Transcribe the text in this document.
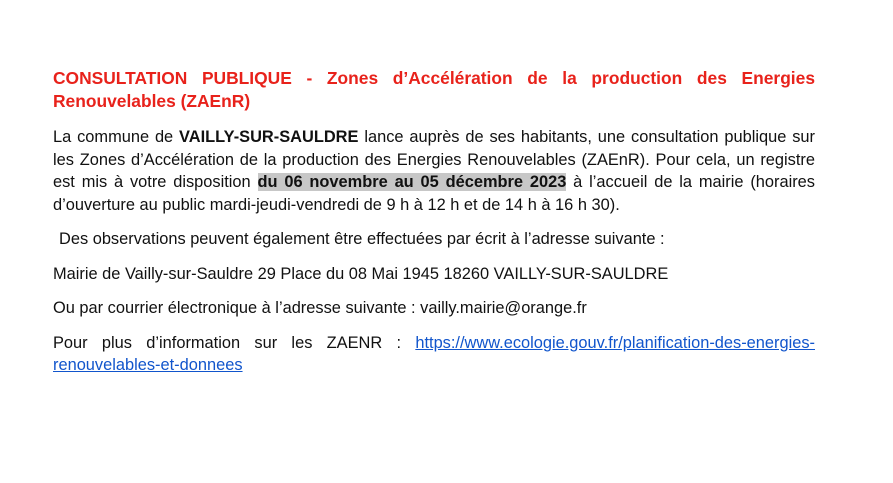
CONSULTATION PUBLIQUE - Zones d’Accélération de la production des Energies Renouvelables (ZAEnR)

La commune de VAILLY-SUR-SAULDRE lance auprès de ses habitants, une consultation publique sur les Zones d’Accélération de la production des Energies Renouvelables (ZAEnR). Pour cela, un registre est mis à votre disposition du 06 novembre au 05 décembre 2023 à l’accueil de la mairie (horaires d’ouverture au public mardi-jeudi-vendredi de 9 h à 12 h et de 14 h à 16 h 30).

Des observations peuvent également être effectuées par écrit à l’adresse suivante :

Mairie de Vailly-sur-Sauldre 29 Place du 08 Mai 1945 18260 VAILLY-SUR-SAULDRE

Ou par courrier électronique à l’adresse suivante : vailly.mairie@orange.fr

Pour plus d’information sur les ZAENR : https://www.ecologie.gouv.fr/planification-des-energies-renouvelables-et-donnees
